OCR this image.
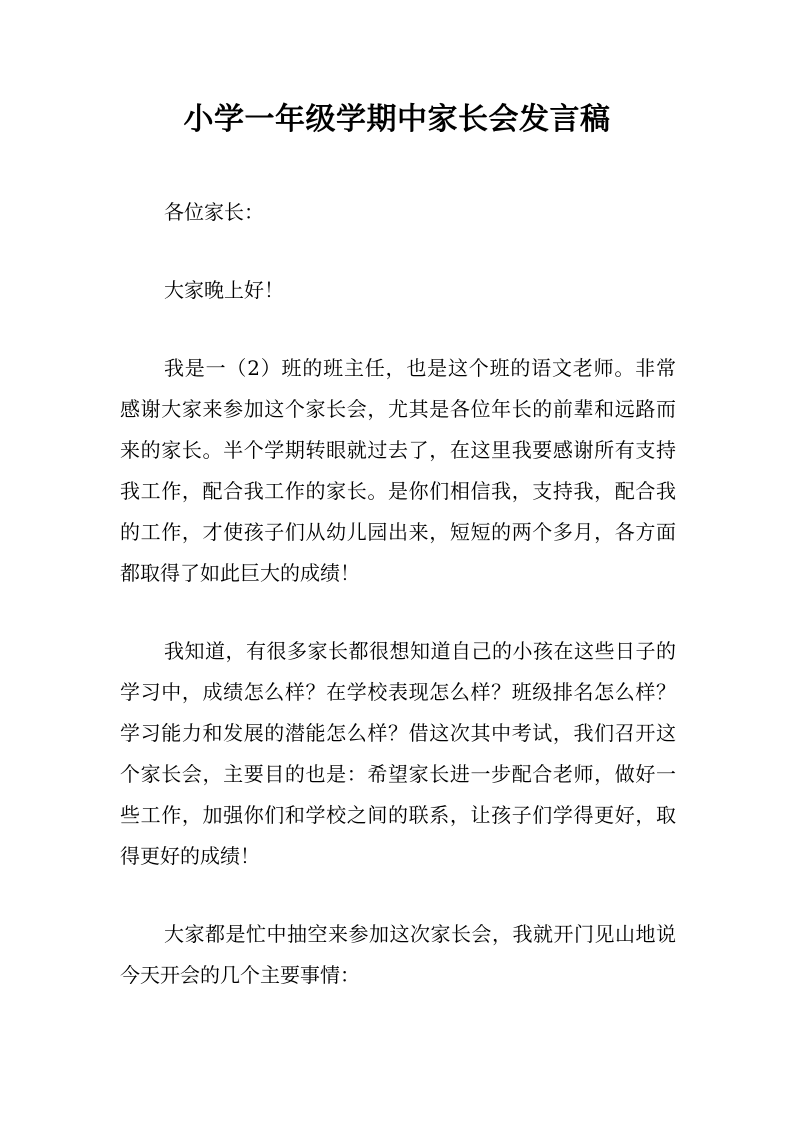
小学一年级学期中家长会发言稿

各位家长：

大家晚上好！

我是一（2）班的班主任，也是这个班的语文老师。非常感谢大家来参加这个家长会，尤其是各位年长的前辈和远路而来的家长。半个学期转眼就过去了，在这里我要感谢所有支持我工作，配合我工作的家长。是你们相信我，支持我，配合我的工作，才使孩子们从幼儿园出来，短短的两个多月，各方面都取得了如此巨大的成绩！

我知道，有很多家长都很想知道自己的小孩在这些日子的学习中，成绩怎么样？在学校表现怎么样？班级排名怎么样？学习能力和发展的潜能怎么样？借这次其中考试，我们召开这个家长会，主要目的也是：希望家长进一步配合老师，做好一些工作，加强你们和学校之间的联系，让孩子们学得更好，取得更好的成绩！

大家都是忙中抽空来参加这次家长会，我就开门见山地说今天开会的几个主要事情：
